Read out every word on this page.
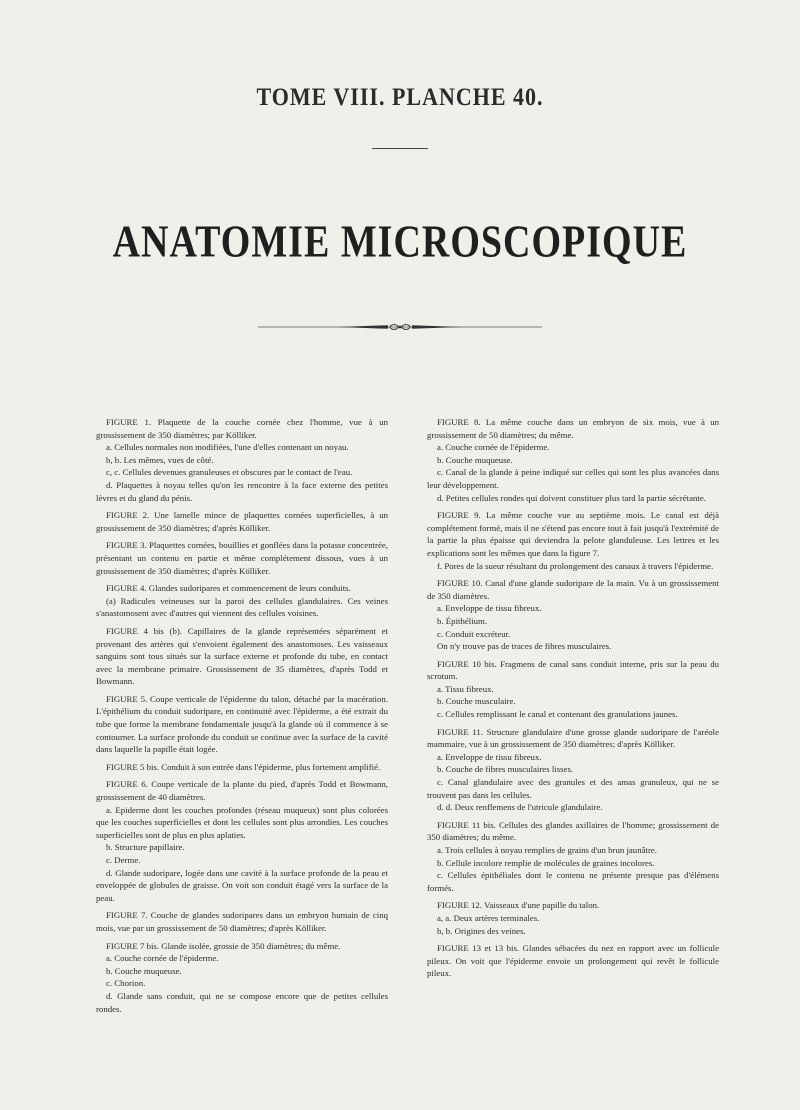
TOME VIII. PLANCHE 40.
ANATOMIE MICROSCOPIQUE

FIGURE 1. Plaquette de la couche cornée chez l'homme, vue à un grossissement de 350 diamètres; par Kölliker.

a. Cellules normales non modifiées, l'une d'elles contenant un noyau.

b, b. Les mêmes, vues de côté.

c, c. Cellules devenues granuleuses et obscures par le contact de l'eau.

d. Plaquettes à noyau telles qu'on les rencontre à la face externe des petites lèvres et du gland du pénis.

FIGURE 2. Une lamelle mince de plaquettes cornées superficielles, à un grossissement de 350 diamètres; d'après Kölliker.

FIGURE 3. Plaquettes cornées, bouillies et gonflées dans la potasse concentrée, présentant un contenu en partie et même complétement dissous, vues à un grossissement de 350 diamètres; d'après Kölliker.

FIGURE 4. Glandes sudoripares et commencement de leurs conduits.

(a) Radicules veineuses sur la paroi des cellules glandulaires. Ces veines s'anastomosent avec d'autres qui viennent des cellules voisines.

FIGURE 4 bis (b). Capillaires de la glande représentées séparément et provenant des artères qui s'envoient également des anastomoses. Les vaisseaux sanguins sont tous situés sur la surface externe et profonde du tube, en contact avec la membrane primaire. Grossissement de 35 diamètres, d'après Todd et Bowmann.

FIGURE 5. Coupe verticale de l'épiderme du talon, détaché par la macération. L'épithélium du conduit sudoripare, en continuité avec l'épiderme, a été extrait du tube que forme la membrane fondamentale jusqu'à la glande où il commence à se contourner. La surface profonde du conduit se continue avec la surface de la cavité dans laquelle la papille était logée.

FIGURE 5 bis. Conduit à son entrée dans l'épiderme, plus fortement amplifié.

FIGURE 6. Coupe verticale de la plante du pied, d'après Todd et Bowmann, grossissement de 40 diamètres.

a. Epiderme dont les couches profondes (réseau muqueux) sont plus colorées que les couches superficielles et dont les cellules sont plus arrondies. Les couches superficielles sont de plus en plus aplaties.

b. Structure papillaire.

c. Derme.

d. Glande sudoripare, logée dans une cavité à la surface profonde de la peau et enveloppée de globules de graisse. On voit son conduit étagé vers la surface de la peau.

FIGURE 7. Couche de glandes sudoripares dans un embryon humain de cinq mois, vue par un grossissement de 50 diamètres; d'après Kölliker.

FIGURE 7 bis. Glande isolée, grossie de 350 diamètres; du même.

a. Couche cornée de l'épiderme.

b. Couche muqueuse.

c. Chorion.

d. Glande sans conduit, qui ne se compose encore que de petites cellules rondes.

FIGURE 8. La même couche dans un embryon de six mois, vue à un grossissement de 50 diamètres; du même.

a. Couche cornée de l'épiderme.

b. Couche muqueuse.

c. Canal de la glande à peine indiqué sur celles qui sont les plus avancées dans leur développement.

d. Petites cellules rondes qui doivent constituer plus tard la partie sécrétante.

FIGURE 9. La même couche vue au septième mois. Le canal est déjà complétement formé, mais il ne s'étend pas encore tout à fait jusqu'à l'extrémité de la partie la plus épaisse qui deviendra la pelote glanduleuse. Les lettres et les explications sont les mêmes que dans la figure 7.

f. Pores de la sueur résultant du prolongement des canaux à travers l'épiderme.

FIGURE 10. Canal d'une glande sudoripare de la main. Vu à un grossissement de 350 diamètres.

a. Enveloppe de tissu fibreux.

b. Épithélium.

c. Conduit excréteur.

On n'y trouve pas de traces de fibres musculaires.

FIGURE 10 bis. Fragmens de canal sans conduit interne, pris sur la peau du scrotum.

a. Tissu fibreux.

b. Couche musculaire.

c. Cellules remplissant le canal et contenant des granulations jaunes.

FIGURE 11. Structure glandulaire d'une grosse glande sudoripare de l'aréole mammaire, vue à un grossissement de 350 diamètres; d'après Kölliker.

a. Enveloppe de tissu fibreux.

b. Couche de fibres musculaires lisses.

c. Canal glandulaire avec des granules et des amas granuleux, qui ne se trouvent pas dans les cellules.

d. d. Deux renflemens de l'utricule glandulaire.

FIGURE 11 bis. Cellules des glandes axillaires de l'homme; grossissement de 350 diamètres; du même.

a. Trois cellules à noyau remplies de grains d'un brun jaunâtre.

b. Cellule incolore remplie de molécules de graines incolores.

c. Cellules épithéliales dont le contenu ne présente presque pas d'élémens formés.

FIGURE 12. Vaisseaux d'une papille du talon.

a, a. Deux artères terminales.

b, b. Origines des veines.

FIGURE 13 et 13 bis. Glandes sébacées du nez en rapport avec un follicule pileux. On voit que l'épiderme envoie un prolongement qui revêt le follicule pileux.
